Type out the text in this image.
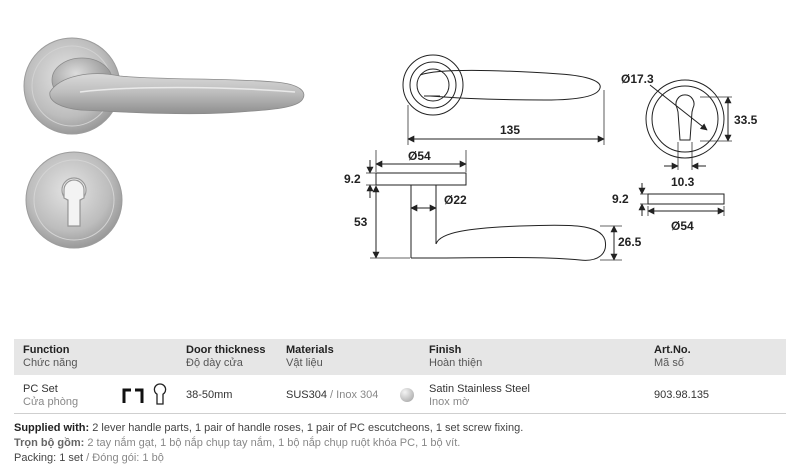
135
Ø17.3
33.5
10.3
Ø54
9.2
Ø22
53
26.5
9.2
Ø54
Function
Chức năng
Door thickness
Độ dày cửa
Materials
Vật liệu
Finish
Hoàn thiện
Art.No.
Mã số
PC Set
Cửa phòng
38-50mm	SUS304 / Inox 304	Satin Stainless Steel
Inox mờ
903.98.135
Supplied with: 2 lever handle parts, 1 pair of handle roses, 1 pair of PC escutcheons, 1 set screw fixing.
Trọn bộ gồm: 2 tay nắm gạt, 1 bộ nắp chụp tay nắm, 1 bộ nắp chụp ruột khóa PC, 1 bộ vít.
Packing: 1 set / Đóng gói: 1 bộ
